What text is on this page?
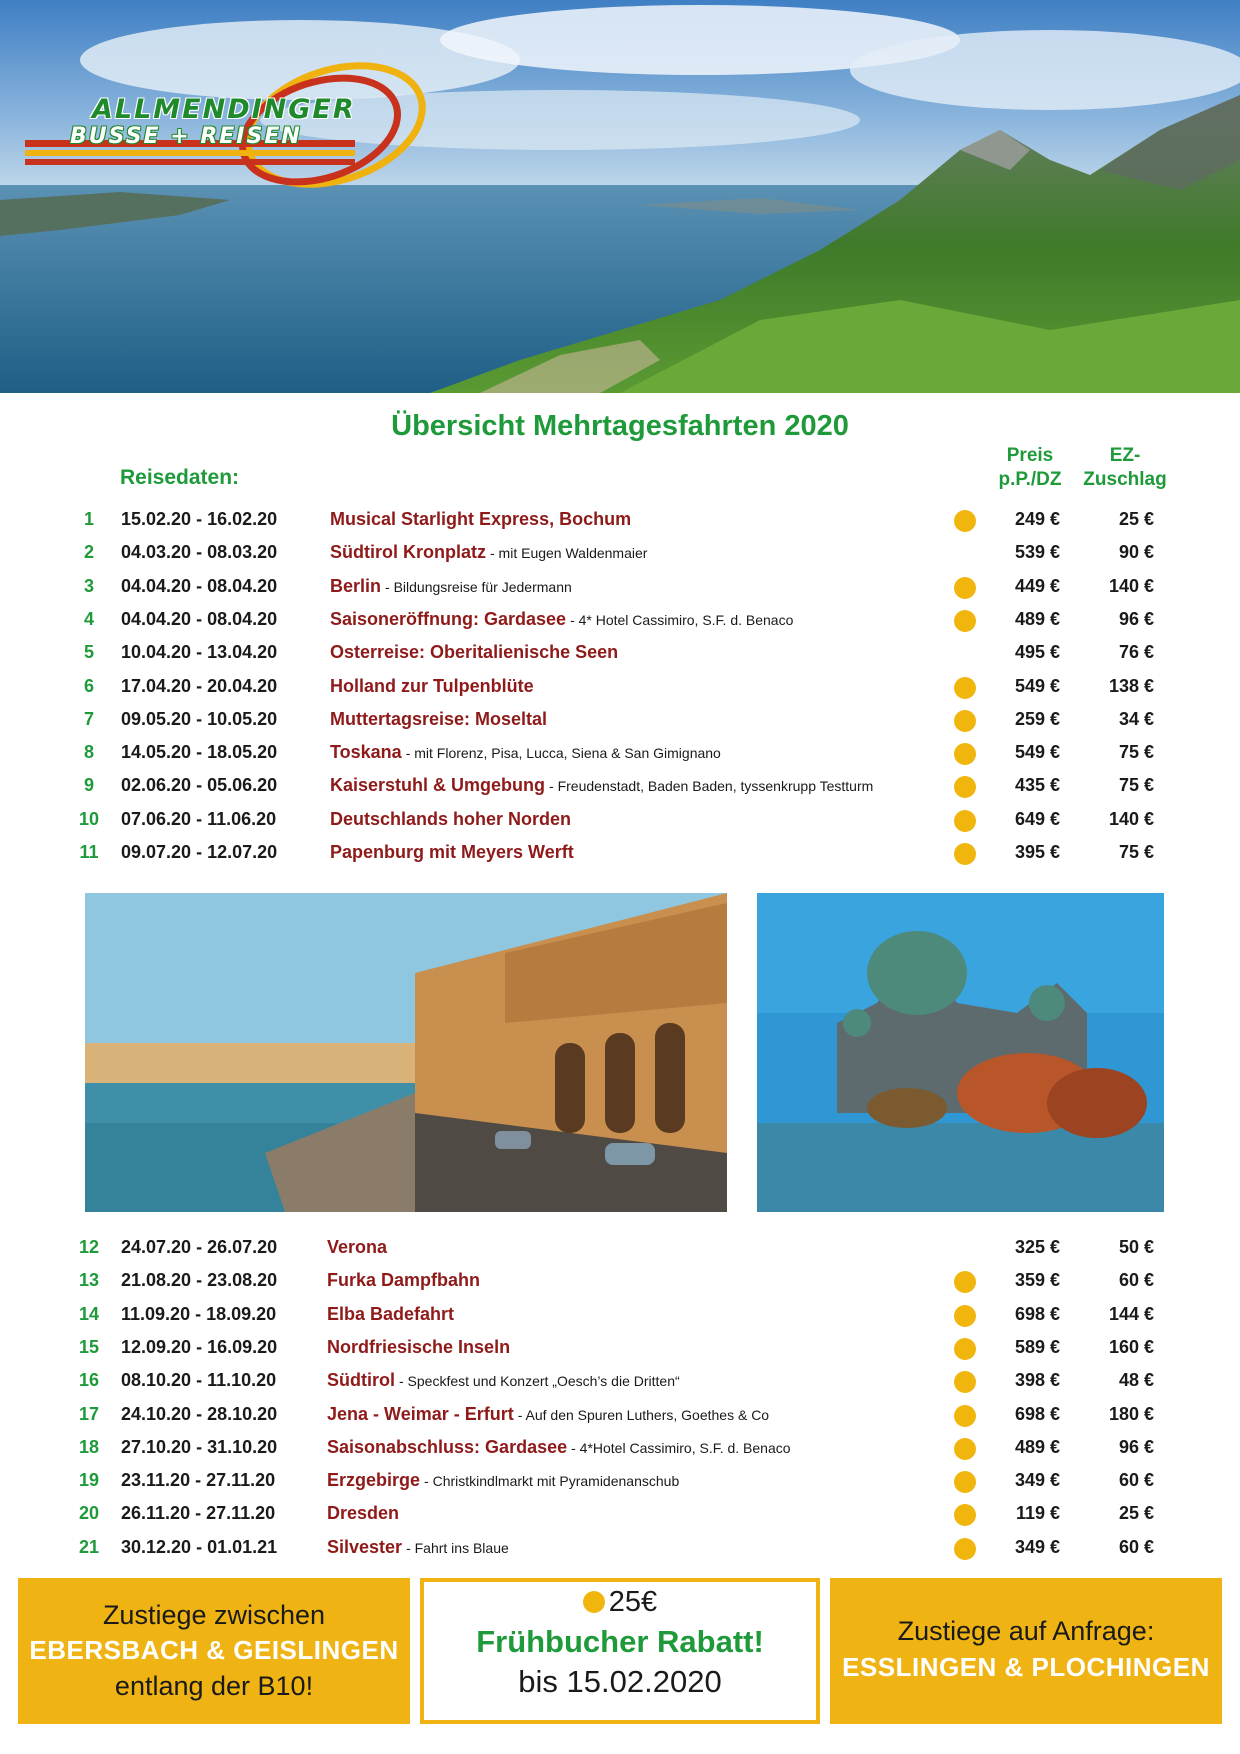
ALLMENDINGER
BUSSE + REISEN
Übersicht Mehrtagesfahrten 2020
Preis
p.P./DZ
EZ-
Zuschlag
Reisedaten:
1	15.02.20 - 16.02.20	Musical Starlight Express, Bochum	249 €	25 €
2	04.03.20 - 08.03.20	Südtirol Kronplatz - mit Eugen Waldenmaier	539 €	90 €
3	04.04.20 - 08.04.20	Berlin - Bildungsreise für Jedermann	449 €	140 €
4	04.04.20 - 08.04.20	Saisoneröffnung: Gardasee - 4* Hotel Cassimiro, S.F. d. Benaco	489 €	96 €
5	10.04.20 - 13.04.20	Osterreise: Oberitalienische Seen	495 €	76 €
6	17.04.20 - 20.04.20	Holland zur Tulpenblüte	549 €	138 €
7	09.05.20 - 10.05.20	Muttertagsreise: Moseltal	259 €	34 €
8	14.05.20 - 18.05.20	Toskana - mit Florenz, Pisa, Lucca, Siena & San Gimignano	549 €	75 €
9	02.06.20 - 05.06.20	Kaiserstuhl & Umgebung - Freudenstadt, Baden Baden, tyssenkrupp Testturm	435 €	75 €
10	07.06.20 - 11.06.20	Deutschlands hoher Norden	649 €	140 €
11	09.07.20 - 12.07.20	Papenburg mit Meyers Werft	395 €	75 €
12	24.07.20 - 26.07.20	Verona	325 €	50 €
13	21.08.20 - 23.08.20	Furka Dampfbahn	359 €	60 €
14	11.09.20 - 18.09.20	Elba Badefahrt	698 €	144 €
15	12.09.20 - 16.09.20	Nordfriesische Inseln	589 €	160 €
16	08.10.20 - 11.10.20	Südtirol - Speckfest und Konzert „Oesch’s die Dritten“	398 €	48 €
17	24.10.20 - 28.10.20	Jena - Weimar - Erfurt - Auf den Spuren Luthers, Goethes & Co	698 €	180 €
18	27.10.20 - 31.10.20	Saisonabschluss: Gardasee - 4*Hotel Cassimiro, S.F. d. Benaco	489 €	96 €
19	23.11.20 - 27.11.20	Erzgebirge - Christkindlmarkt mit Pyramidenanschub	349 €	60 €
20	26.11.20 - 27.11.20	Dresden	119 €	25 €
21	30.12.20 - 01.01.21	Silvester - Fahrt ins Blaue	349 €	60 €
Zustiege zwischen
EBERSBACH & GEISLINGEN
entlang der B10!
25€
Frühbucher Rabatt!
bis 15.02.2020
Zustiege auf Anfrage:
ESSLINGEN & PLOCHINGEN
